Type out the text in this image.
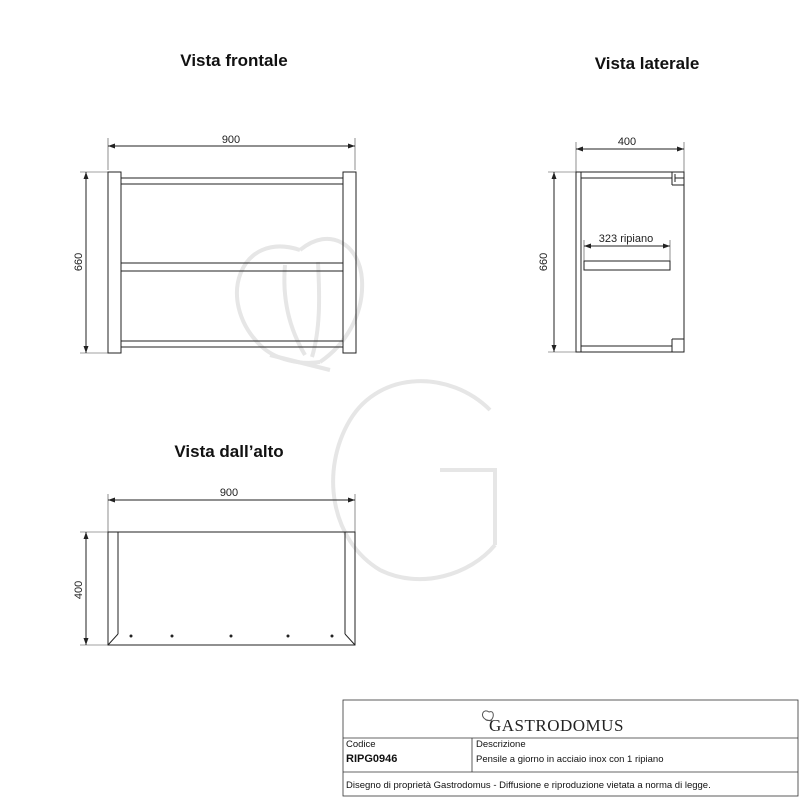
Vista frontale
900
660
Vista laterale
400
660
323 ripiano
Vista dall’alto
900
400
GASTRODOMUS
Codice
RIPG0946
Descrizione
Pensile a giorno in acciaio inox con 1 ripiano
Disegno di proprietà Gastrodomus - Diffusione e riproduzione vietata a norma di legge.
